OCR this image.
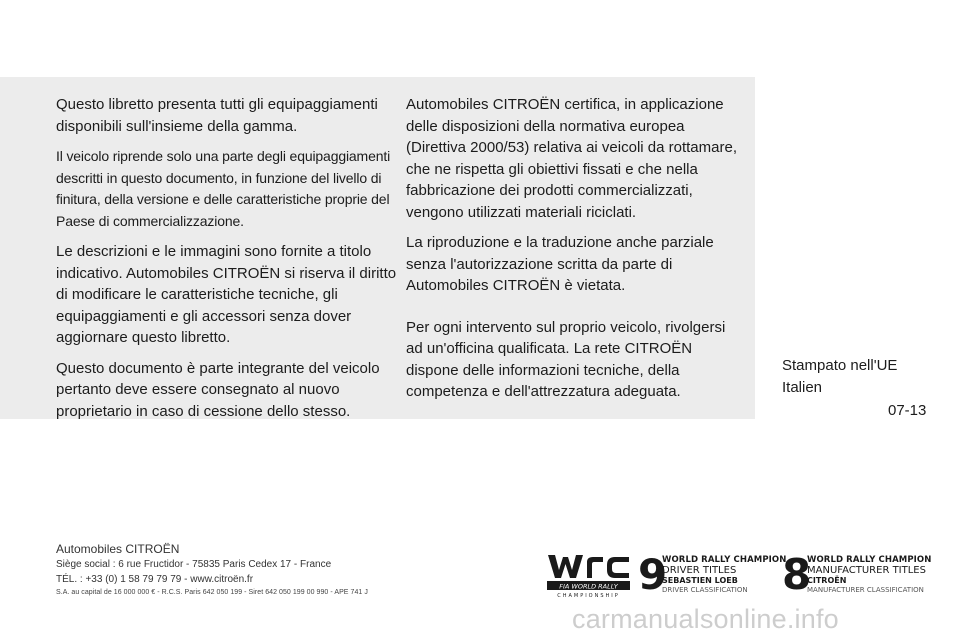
Questo libretto presenta tutti gli equipaggiamenti disponibili sull'insieme della gamma.

Il veicolo riprende solo una parte degli equipaggiamenti descritti in questo documento, in funzione del livello di finitura, della versione e delle caratteristiche proprie del Paese di commercializzazione.

Le descrizioni e le immagini sono fornite a titolo indicativo. Automobiles CITROËN si riserva il diritto di modificare le caratteristiche tecniche, gli equipaggiamenti e gli accessori senza dover aggiornare questo libretto.

Questo documento è parte integrante del veicolo pertanto deve essere consegnato al nuovo proprietario in caso di cessione dello stesso.

Automobiles CITROËN certifica, in applicazione delle disposizioni della normativa europea (Direttiva 2000/53) relativa ai veicoli da rottamare, che ne rispetta gli obiettivi fissati e che nella fabbricazione dei prodotti commercializzati, vengono utilizzati materiali riciclati.

La riproduzione e la traduzione anche parziale senza l'autorizzazione scritta da parte di Automobiles CITROËN è vietata.

Per ogni intervento sul proprio veicolo, rivolgersi ad un'officina qualificata. La rete CITROËN dispone delle informazioni tecniche, della competenza e dell'attrezzatura adeguata.

Stampato nell'UE
Italien
07-13
Automobiles CITROËN
Siège social : 6 rue Fructidor - 75835 Paris Cedex 17 - France
TÉL. : +33 (0) 1 58 79 79 79 - www.citroën.fr
S.A. au capital de 16 000 000 € - R.C.S. Paris 642 050 199 - Siret 642 050 199 00 990 - APE 741 J
FIA WORLD RALLY
CHAMPIONSHIP 9
WORLD RALLY CHAMPION
DRIVER TITLES
SEBASTIEN LOEB
DRIVER CLASSIFICATION 8
WORLD RALLY CHAMPION
MANUFACTURER TITLES
CITROËN
MANUFACTURER CLASSIFICATION
carmanualsonline.info
